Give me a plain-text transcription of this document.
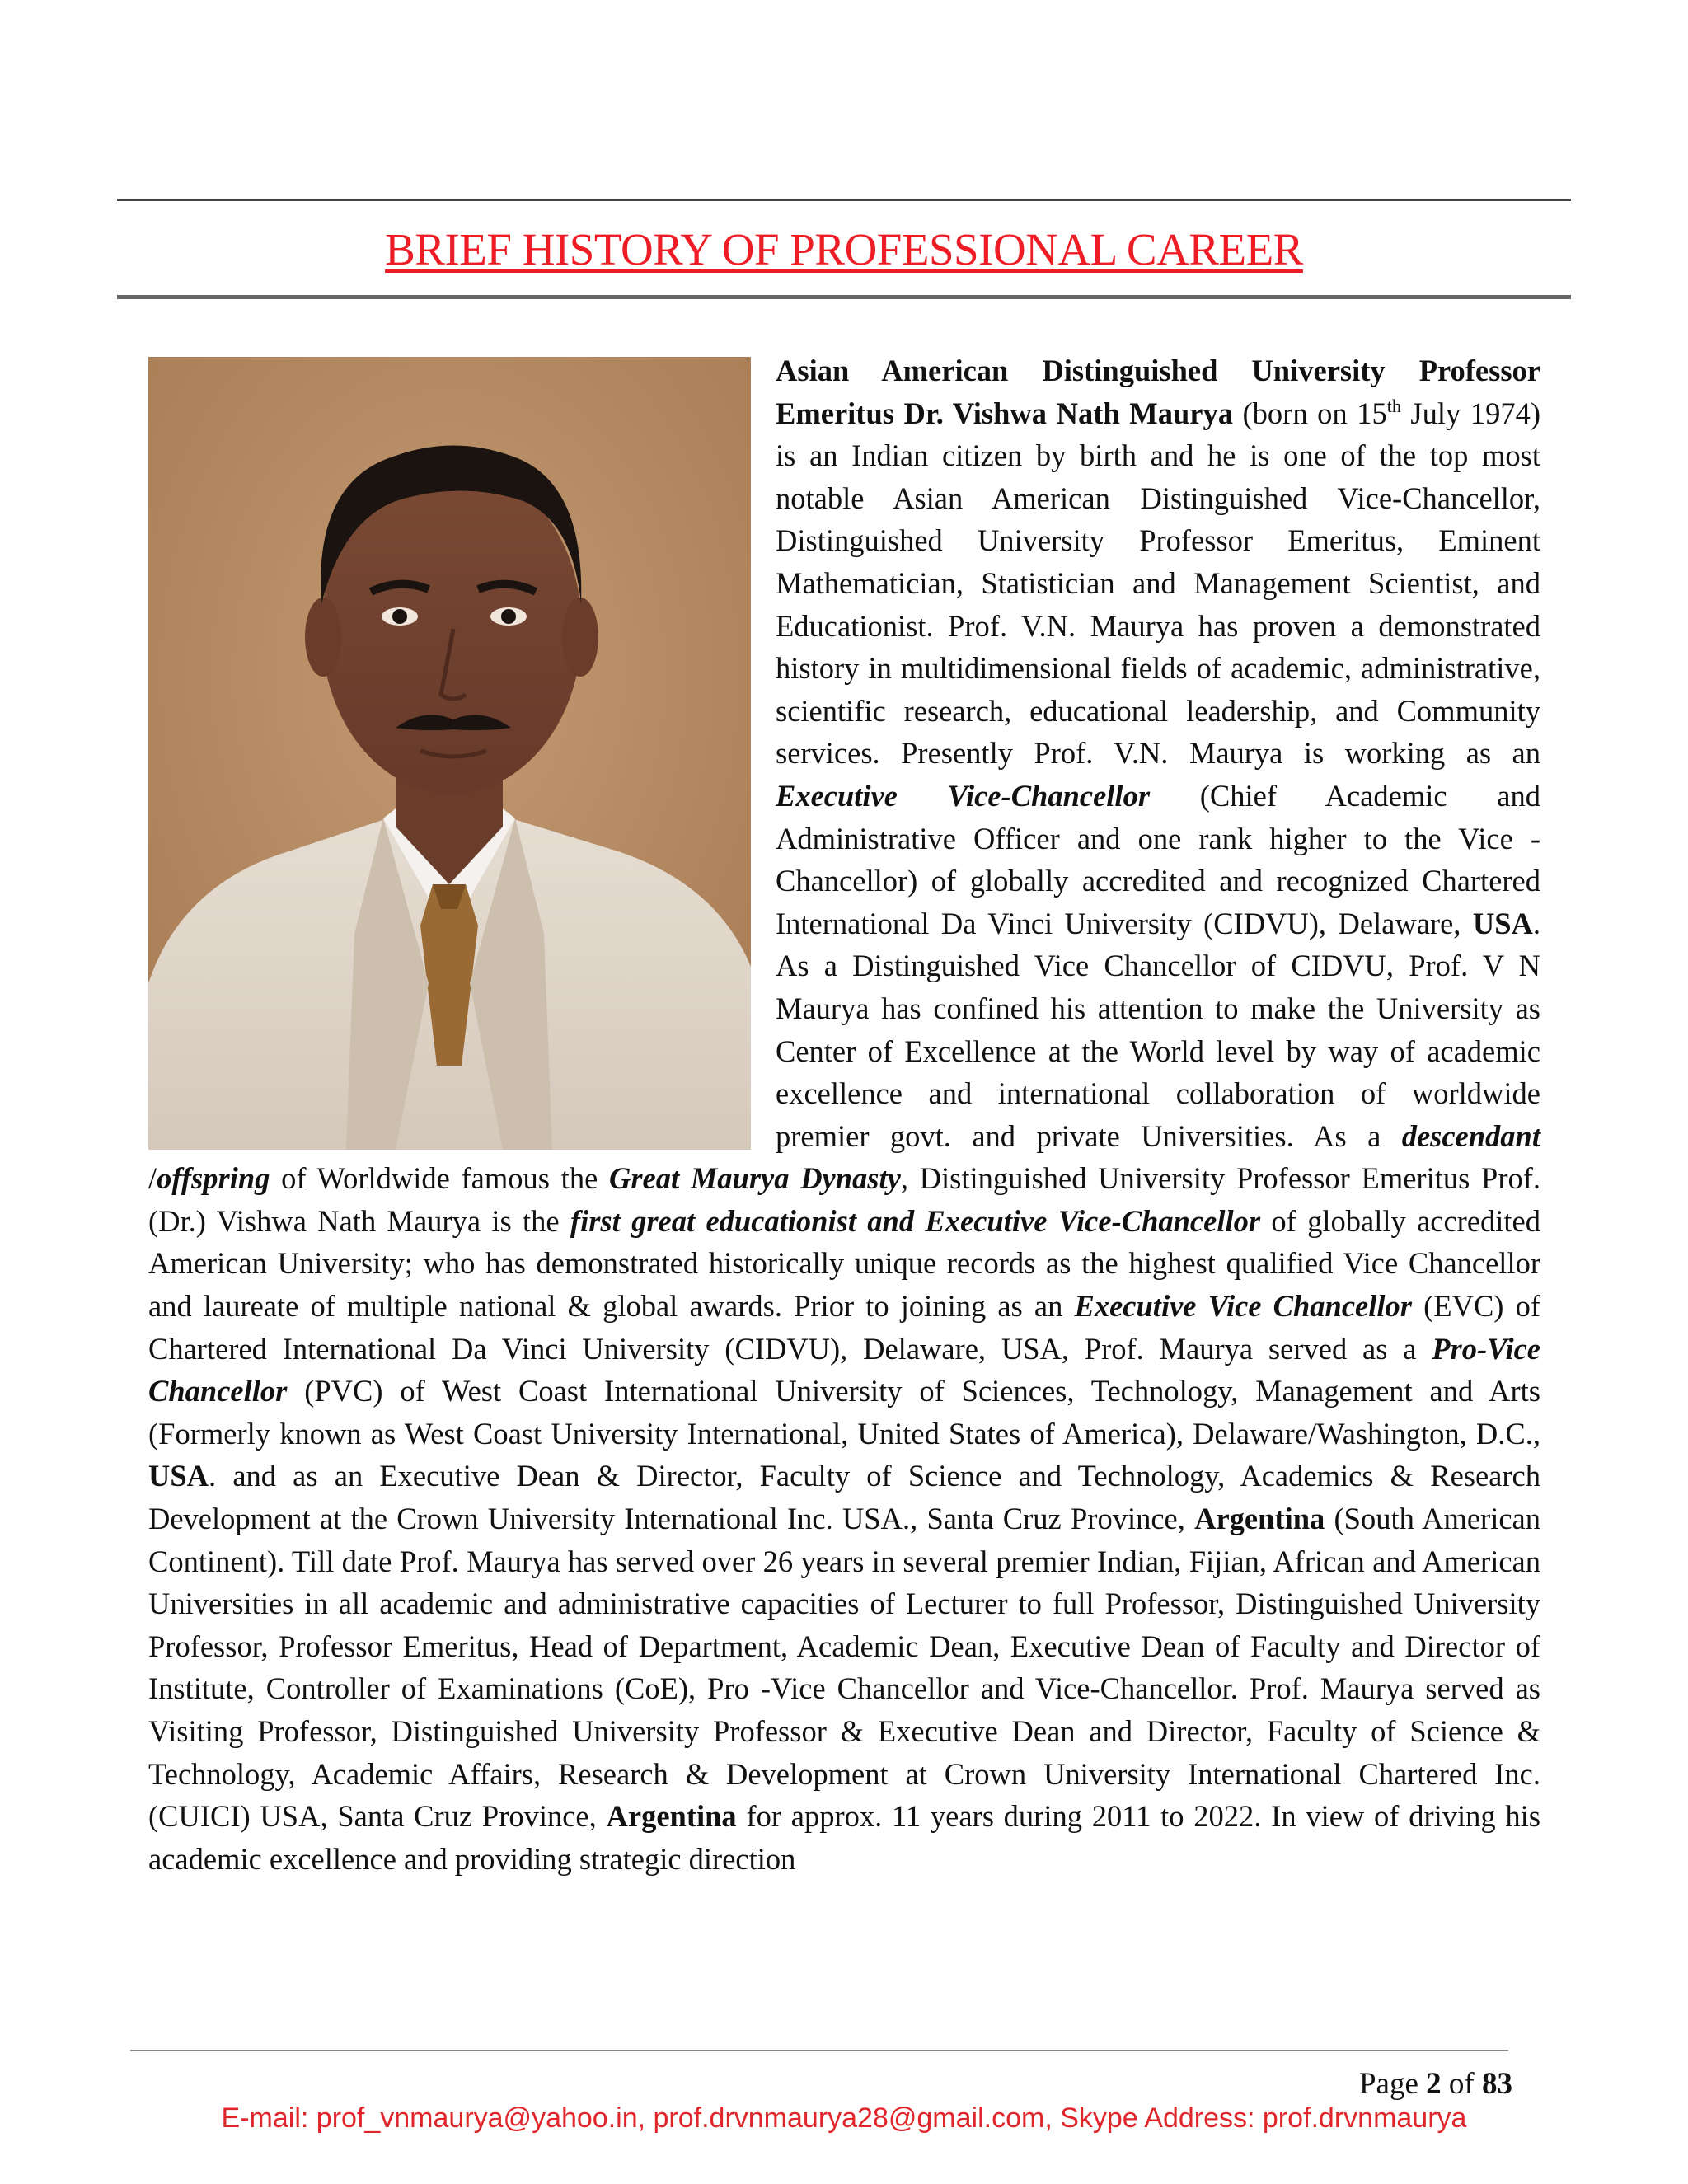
BRIEF HISTORY OF PROFESSIONAL CAREER

Asian American Distinguished University Professor Emeritus Dr. Vishwa Nath Maurya (born on 15th July 1974) is an Indian citizen by birth and he is one of the top most notable Asian American Distinguished Vice-Chancellor, Distinguished University Professor Emeritus, Eminent Mathematician, Statistician and Management Scientist, and Educationist. Prof. V.N. Maurya has proven a demonstrated history in multidimensional fields of academic, administrative, scientific research, educational leadership, and Community services. Presently Prof. V.N. Maurya is working as an Executive Vice-Chancellor (Chief Academic and Administrative Officer and one rank higher to the Vice - Chancellor) of globally accredited and recognized Chartered International Da Vinci University (CIDVU), Delaware, USA. As a Distinguished Vice Chancellor of CIDVU, Prof. V N Maurya has confined his attention to make the University as Center of Excellence at the World level by way of academic excellence and international collaboration of worldwide premier govt. and private Universities. As a descendant /offspring of Worldwide famous the Great Maurya Dynasty, Distinguished University Professor Emeritus Prof. (Dr.) Vishwa Nath Maurya is the first great educationist and Executive Vice-Chancellor of globally accredited American University; who has demonstrated historically unique records as the highest qualified Vice Chancellor and laureate of multiple national & global awards. Prior to joining as an Executive Vice Chancellor (EVC) of Chartered International Da Vinci University (CIDVU), Delaware, USA, Prof. Maurya served as a Pro-Vice Chancellor (PVC) of West Coast International University of Sciences, Technology, Management and Arts (Formerly known as West Coast University International, United States of America), Delaware/Washington, D.C., USA. and as an Executive Dean & Director, Faculty of Science and Technology, Academics & Research Development at the Crown University International Inc. USA., Santa Cruz Province, Argentina (South American Continent). Till date Prof. Maurya has served over 26 years in several premier Indian, Fijian, African and American Universities in all academic and administrative capacities of Lecturer to full Professor, Distinguished University Professor, Professor Emeritus, Head of Department, Academic Dean, Executive Dean of Faculty and Director of Institute, Controller of Examinations (CoE), Pro -Vice Chancellor and Vice-Chancellor. Prof. Maurya served as Visiting Professor, Distinguished University Professor & Executive Dean and Director, Faculty of Science & Technology, Academic Affairs, Research & Development at Crown University International Chartered Inc. (CUICI) USA, Santa Cruz Province, Argentina for approx. 11 years during 2011 to 2022. In view of driving his academic excellence and providing strategic direction

Page 2 of 83
E-mail: prof_vnmaurya@yahoo.in, prof.drvnmaurya28@gmail.com, Skype Address: prof.drvnmaurya
